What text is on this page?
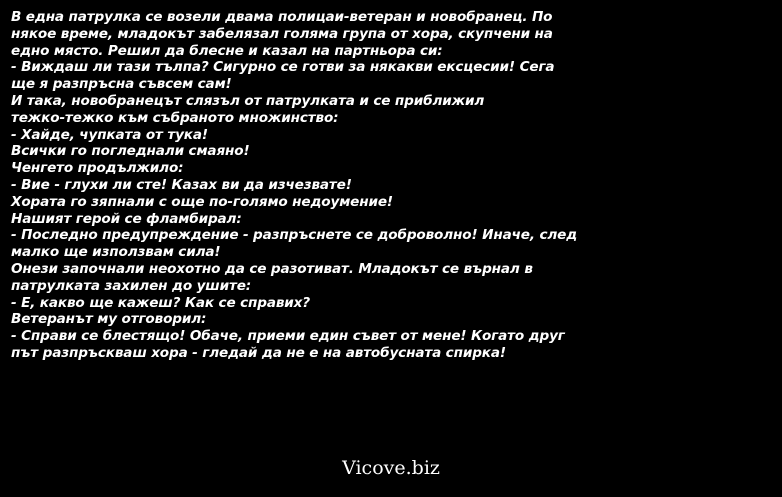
В една патрулка се возели двама полицаи-ветеран и новобранец. По
някое време, младокът забелязал голяма група от хора, скупчени на
едно място. Решил да блесне и казал на партньора си:
- Виждаш ли тази тълпа? Сигурно се готви за някакви ексцесии! Сега
ще я разпръсна съвсем сам!
И така, новобранецът слязъл от патрулката и се приближил
тежко-тежко към събраното множинство:
- Хайде, чупката от тука!
Всички го погледнали смаяно!
Ченгето продължило:
- Вие - глухи ли сте! Казах ви да изчезвате!
Хората го зяпнали с още по-голямо недоумение!
Нашият герой се фламбирал:
- Последно предупреждение - разпръснете се доброволно! Иначе, след
малко ще използвам сила!
Онези започнали неохотно да се разотиват. Младокът се върнал в
патрулката захилен до ушите:
- Е, какво ще кажеш? Как се справих?
Ветеранът му отговорил:
- Справи се блестящо! Обаче, приеми един съвет от мене! Когато друг
път разпръскваш хора - гледай да не е на автобусната спирка!
Vicove.biz
